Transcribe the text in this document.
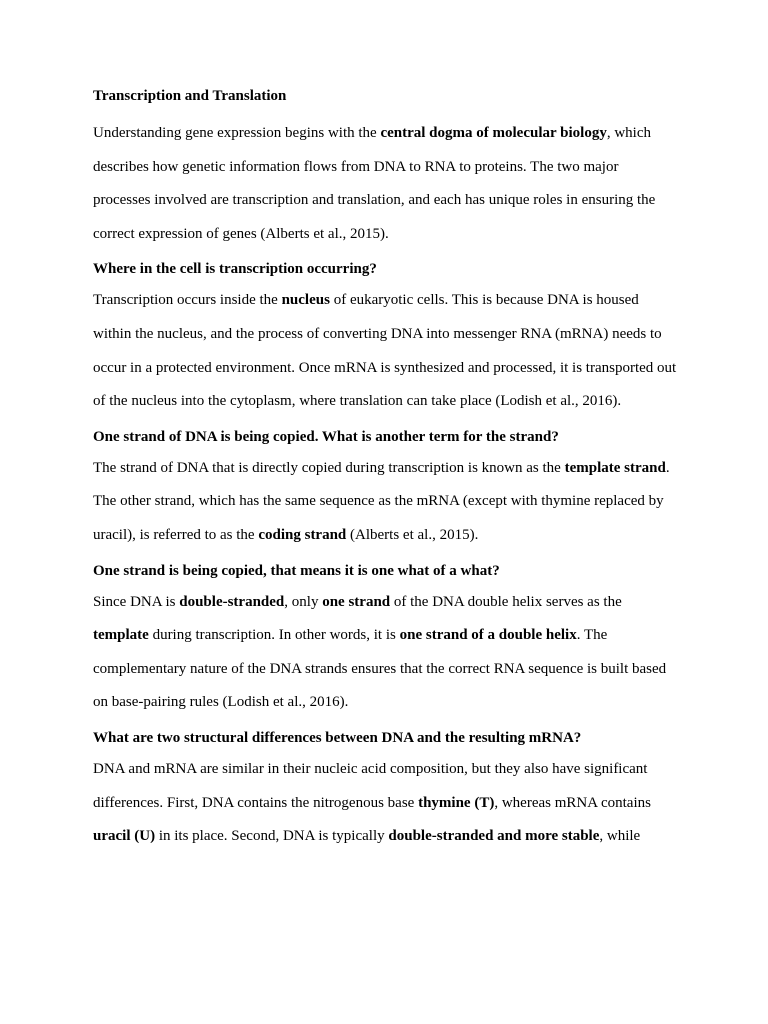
Transcription and Translation
Understanding gene expression begins with the central dogma of molecular biology, which describes how genetic information flows from DNA to RNA to proteins. The two major processes involved are transcription and translation, and each has unique roles in ensuring the correct expression of genes (Alberts et al., 2015).
Where in the cell is transcription occurring?
Transcription occurs inside the nucleus of eukaryotic cells. This is because DNA is housed within the nucleus, and the process of converting DNA into messenger RNA (mRNA) needs to occur in a protected environment. Once mRNA is synthesized and processed, it is transported out of the nucleus into the cytoplasm, where translation can take place (Lodish et al., 2016).
One strand of DNA is being copied. What is another term for the strand?
The strand of DNA that is directly copied during transcription is known as the template strand. The other strand, which has the same sequence as the mRNA (except with thymine replaced by uracil), is referred to as the coding strand (Alberts et al., 2015).
One strand is being copied, that means it is one what of a what?
Since DNA is double-stranded, only one strand of the DNA double helix serves as the template during transcription. In other words, it is one strand of a double helix. The complementary nature of the DNA strands ensures that the correct RNA sequence is built based on base-pairing rules (Lodish et al., 2016).
What are two structural differences between DNA and the resulting mRNA?
DNA and mRNA are similar in their nucleic acid composition, but they also have significant differences. First, DNA contains the nitrogenous base thymine (T), whereas mRNA contains uracil (U) in its place. Second, DNA is typically double-stranded and more stable, while
